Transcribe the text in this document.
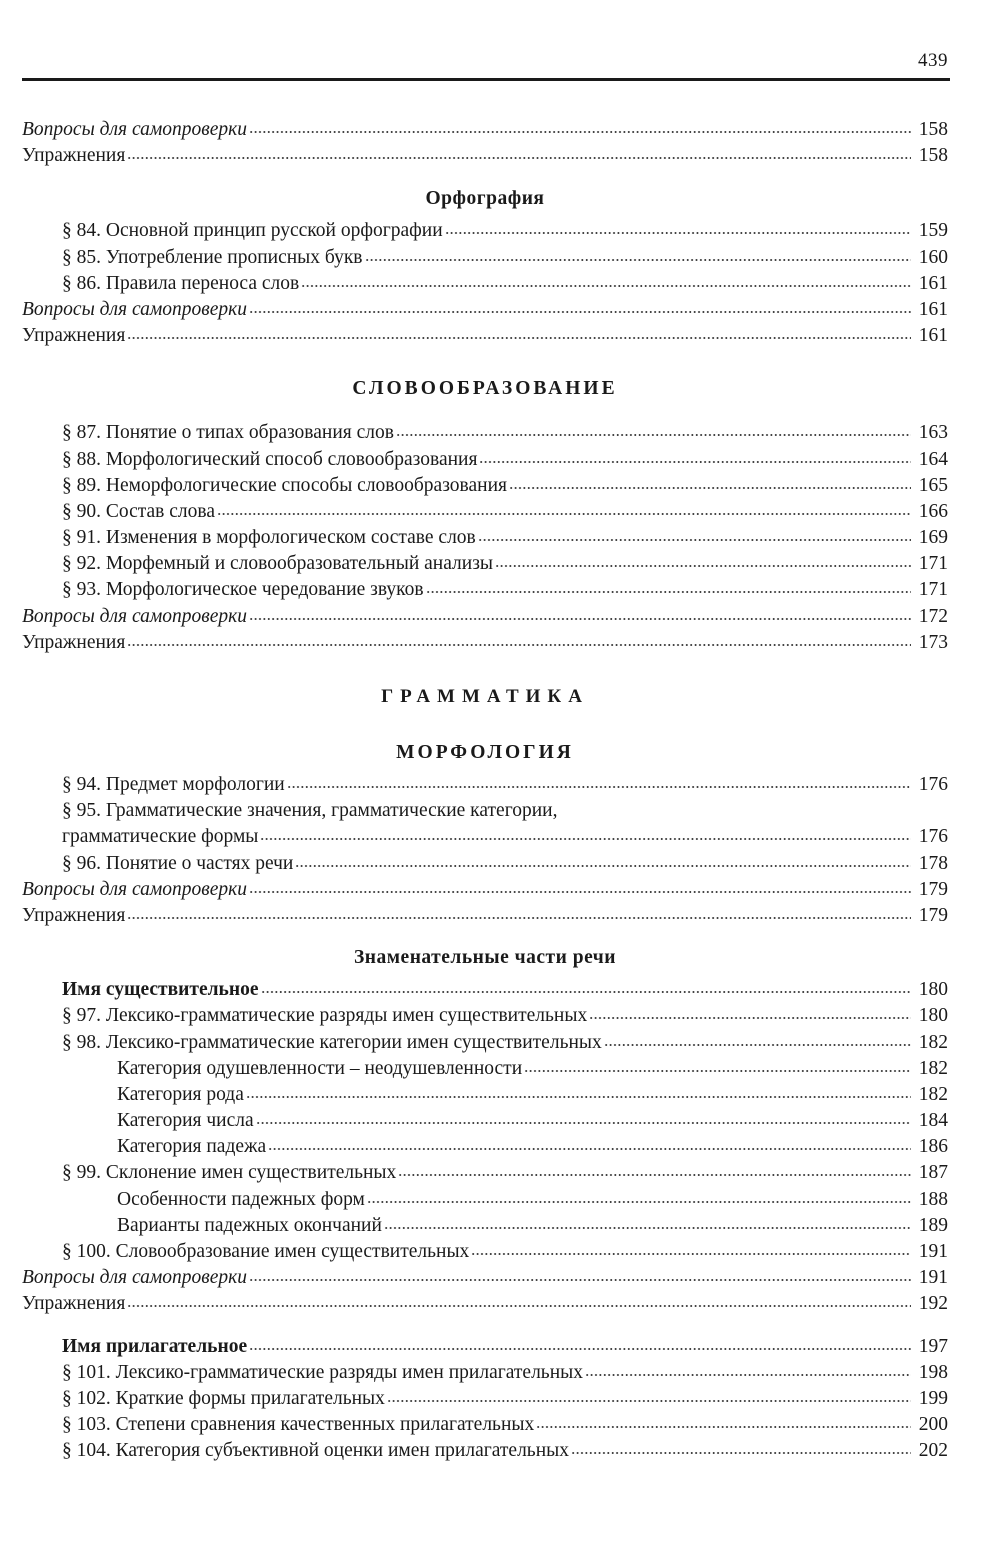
439
Вопросы для самопроверки	158
Упражнения	158
Орфография
§ 84. Основной принцип русской орфографии	159
§ 85. Употребление прописных букв	160
§ 86. Правила переноса слов	161
Вопросы для самопроверки	161
Упражнения	161
СЛОВООБРАЗОВАНИЕ
§ 87. Понятие о типах образования слов	163
§ 88. Морфологический способ словообразования	164
§ 89. Неморфологические способы словообразования	165
§ 90. Состав слова	166
§ 91. Изменения в морфологическом составе слов	169
§ 92. Морфемный и словообразовательный анализы	171
§ 93. Морфологическое чередование звуков	171
Вопросы для самопроверки	172
Упражнения	173
ГРАММАТИКА
МОРФОЛОГИЯ
§ 94. Предмет морфологии	176
§ 95. Грамматические значения, грамматические категории,
грамматические формы	176
§ 96. Понятие о частях речи	178
Вопросы для самопроверки	179
Упражнения	179
Знаменательные части речи
Имя существительное	180
§ 97. Лексико-грамматические разряды имен существительных	180
§ 98. Лексико-грамматические категории имен существительных	182
Категория одушевленности – неодушевленности	182
Категория рода	182
Категория числа	184
Категория падежа	186
§ 99. Склонение имен существительных	187
Особенности падежных форм	188
Варианты падежных окончаний	189
§ 100. Словообразование имен существительных	191
Вопросы для самопроверки	191
Упражнения	192
Имя прилагательное	197
§ 101. Лексико-грамматические разряды имен прилагательных	198
§ 102. Краткие формы прилагательных	199
§ 103. Степени сравнения качественных прилагательных	200
§ 104. Категория субъективной оценки имен прилагательных	202
